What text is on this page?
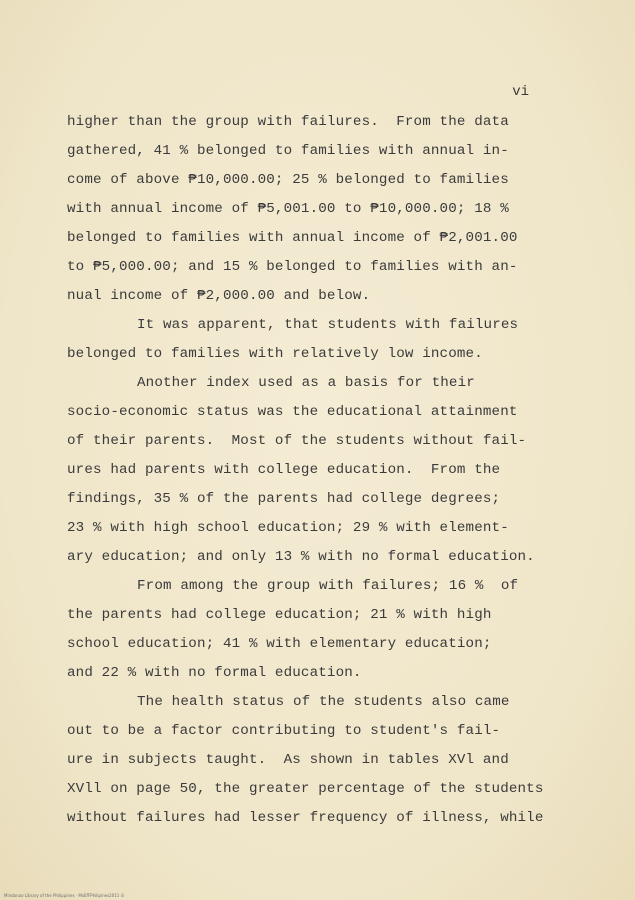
vi
higher than the group with failures.  From the data
gathered, 41 % belonged to families with annual in-
come of above ₱10,000.00; 25 % belonged to families
with annual income of ₱5,001.00 to ₱10,000.00; 18 %
belonged to families with annual income of ₱2,001.00
to ₱5,000.00; and 15 % belonged to families with an-
nual income of ₱2,000.00 and below.
It was apparent, that students with failures
belonged to families with relatively low income.
Another index used as a basis for their
socio-economic status was the educational attainment
of their parents.  Most of the students without fail-
ures had parents with college education.  From the
findings, 35 % of the parents had college degrees;
23 % with high school education; 29 % with element-
ary education; and only 13 % with no formal education.
From among the group with failures; 16 %  of
the parents had college education; 21 % with high
school education; 41 % with elementary education;
and 22 % with no formal education.
The health status of the students also came
out to be a factor contributing to student's fail-
ure in subjects taught.  As shown in tables XVl and
XVll on page 50, the greater percentage of the students
without failures had lesser frequency of illness, while
Mindanao Library of the Philippines · MsEfFPhilipines2011 iii
